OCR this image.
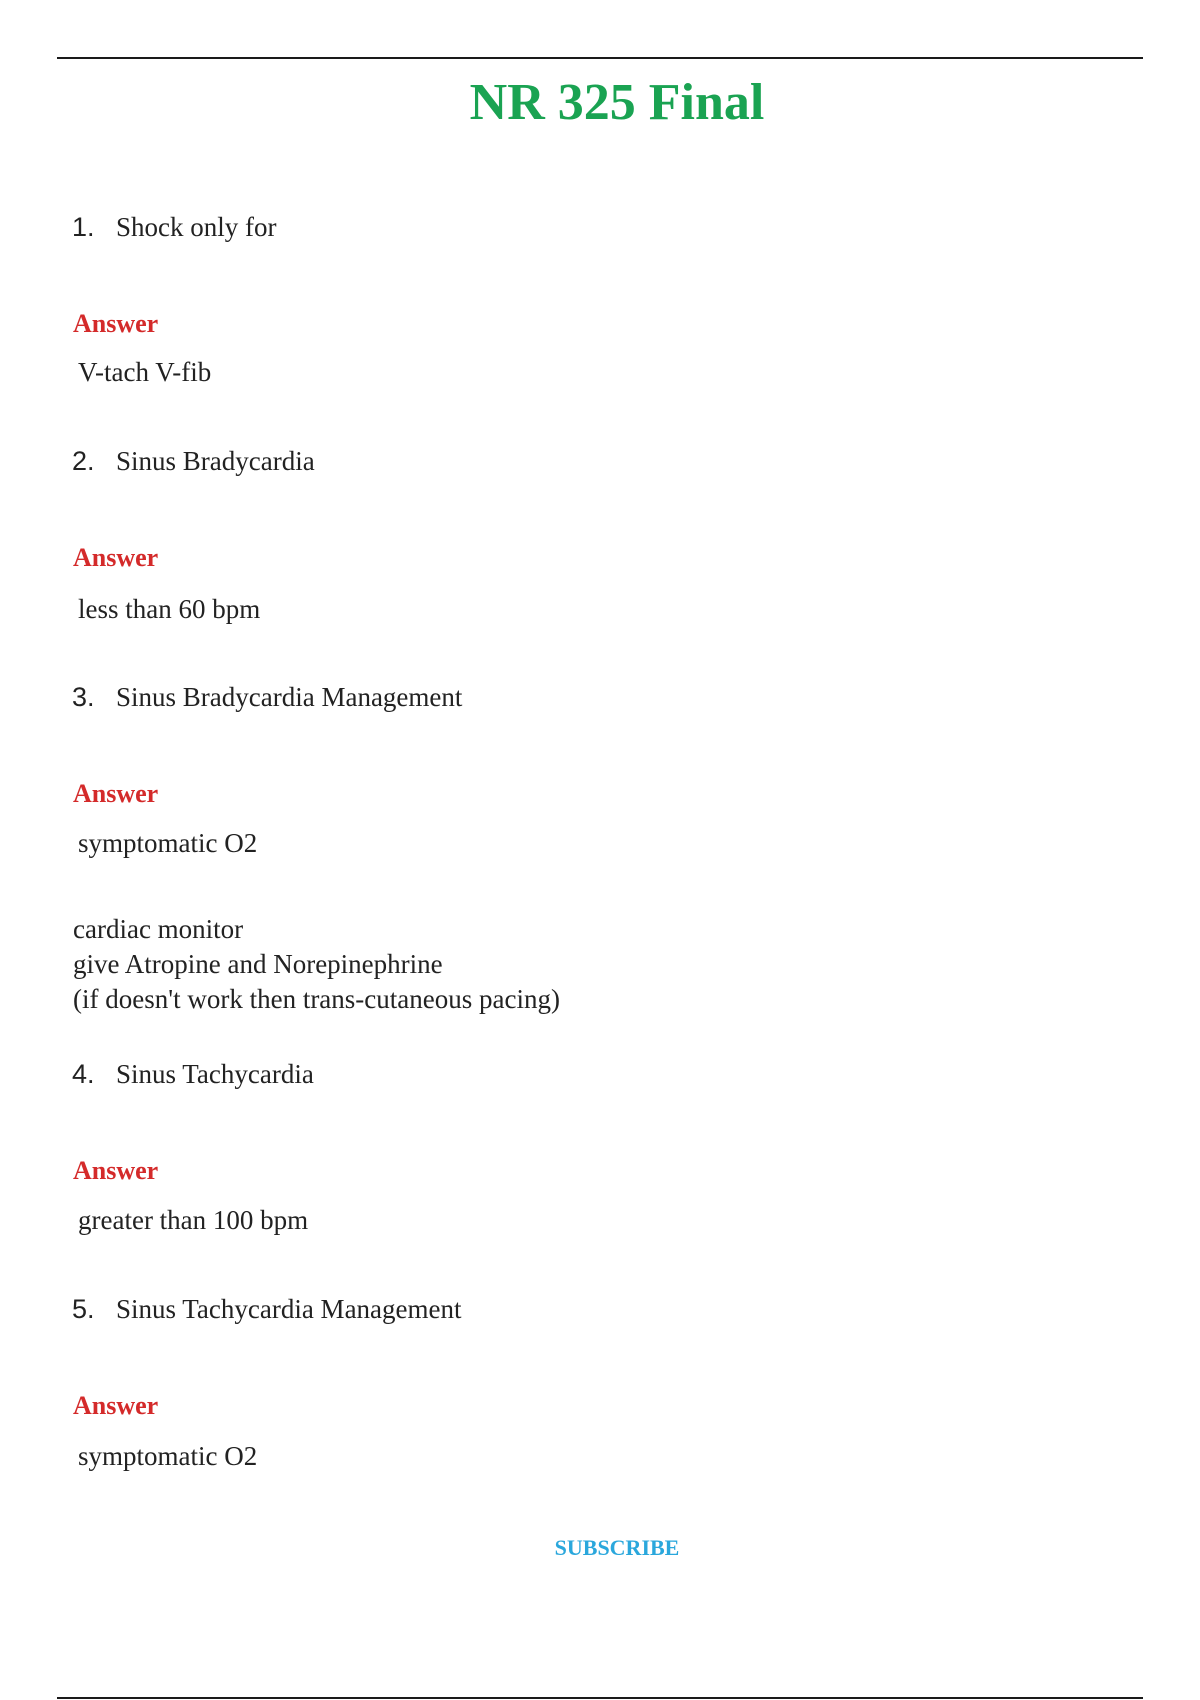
NR 325 Final
1. Shock only for
Answer
V-tach V-fib
2. Sinus Bradycardia
Answer
less than 60 bpm
3. Sinus Bradycardia Management
Answer
symptomatic O2
cardiac monitor
give Atropine and Norepinephrine
(if doesn't work then trans-cutaneous pacing)
4. Sinus Tachycardia
Answer
greater than 100 bpm
5. Sinus Tachycardia Management
Answer
symptomatic O2
SUBSCRIBE
